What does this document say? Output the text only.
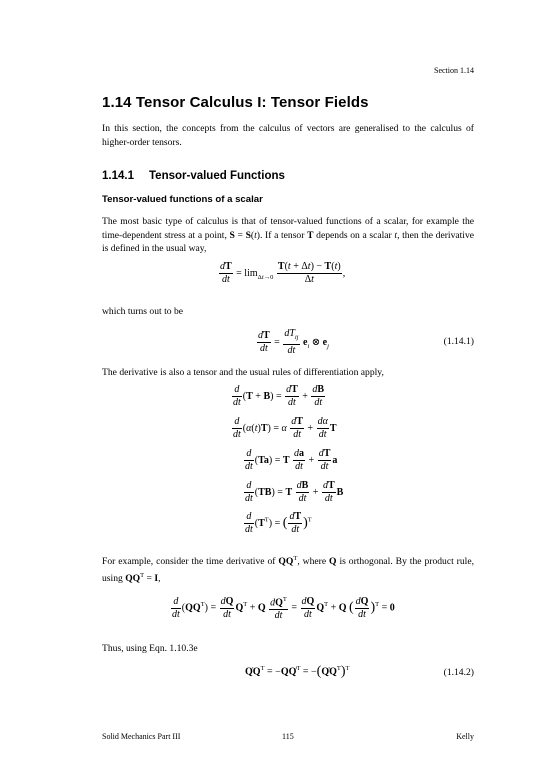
Section 1.14
1.14 Tensor Calculus I: Tensor Fields

In this section, the concepts from the calculus of vectors are generalised to the calculus of higher-order tensors.

1.14.1 Tensor-valued Functions
Tensor-valued functions of a scalar

The most basic type of calculus is that of tensor-valued functions of a scalar, for example the time-dependent stress at a point, S = S(t). If a tensor T depends on a scalar t, then the derivative is defined in the usual way,

$\frac{dT}{dt} = \lim_{\Delta t\to 0} \frac{T(t + \Delta t) - T(t)}{\Delta t}$ ,

which turns out to be

$\frac{dT}{dt} = \frac{dT_{ij}}{dt} e_i$ ⊗ $e_j$	(1.14.1)

The derivative is also a tensor and the usual rules of differentiation apply,

$\frac{d}{dt} (T + B) = \frac{dT}{dt} + \frac{dB}{dt}$
$\frac{d}{dt} (\alpha(t)T) = \alpha \frac{dT}{dt} + \frac{d\alpha}{dt}$ T
$\frac{d}{dt} (Ta) = T \frac{da}{dt} + \frac{dT}{dt}$ a
$\frac{d}{dt} (TB) = T \frac{dB}{dt} + \frac{dT}{dt}$ B
$\frac{d}{dt} (T^T)$ = ( $\frac{dT}{dt} )^T$

For example, consider the time derivative of $QQ^T$, where Q is orthogonal. By the product rule, using $QQ^T = I$,

$\frac{d}{dt} (QQ^T) = \frac{dQ}{dt} Q^T + Q \frac{dQ^T}{dt} = \frac{dQ}{dt} Q^T + Q$ ( $\frac{dQ}{dt} )^T = 0$

Thus, using Eqn. 1.10.3e

$QQ^T = -QQ^T = -(QQ^T)^T$	(1.14.2)
Solid Mechanics Part III	115	Kelly
